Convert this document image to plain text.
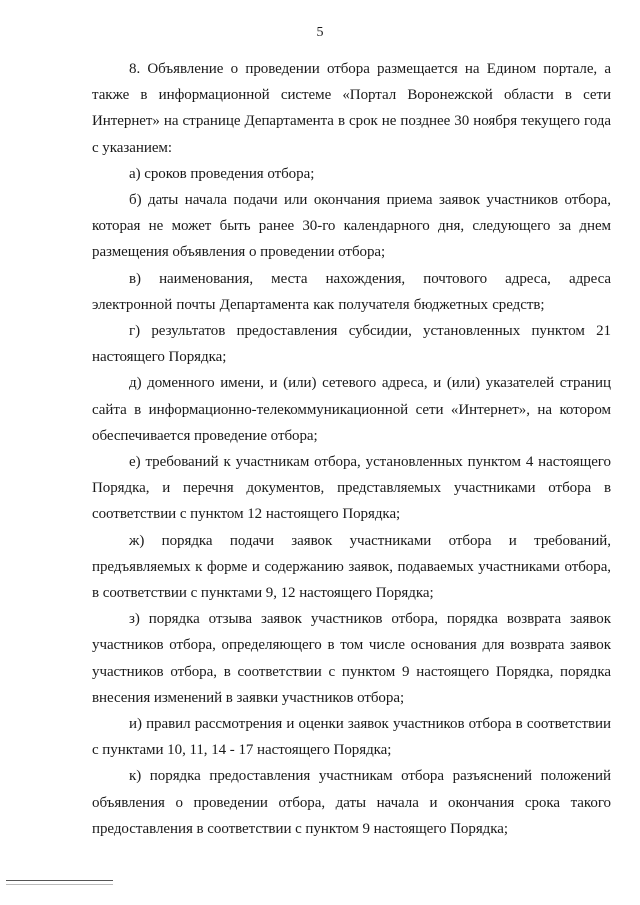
5

8. Объявление о проведении отбора размещается на Едином портале, а также в информационной системе «Портал Воронежской области в сети Интернет» на странице Департамента в срок не позднее 30 ноября текущего года с указанием:

а) сроков проведения отбора;

б) даты начала подачи или окончания приема заявок участников отбора, которая не может быть ранее 30-го календарного дня, следующего за днем размещения объявления о проведении отбора;

в) наименования, места нахождения, почтового адреса, адреса электронной почты Департамента как получателя бюджетных средств;

г) результатов предоставления субсидии, установленных пунктом 21 настоящего Порядка;

д) доменного имени, и (или) сетевого адреса, и (или) указателей страниц сайта в информационно-телекоммуникационной сети «Интернет», на котором обеспечивается проведение отбора;

е) требований к участникам отбора, установленных пунктом 4 настоящего Порядка, и перечня документов, представляемых участниками отбора в соответствии с пунктом 12 настоящего Порядка;

ж) порядка подачи заявок участниками отбора и требований, предъявляемых к форме и содержанию заявок, подаваемых участниками отбора, в соответствии с пунктами 9, 12 настоящего Порядка;

з) порядка отзыва заявок участников отбора, порядка возврата заявок участников отбора, определяющего в том числе основания для возврата заявок участников отбора, в соответствии с пунктом 9 настоящего Порядка, порядка внесения изменений в заявки участников отбора;

и) правил рассмотрения и оценки заявок участников отбора в соответствии с пунктами 10, 11, 14 - 17 настоящего Порядка;

к) порядка предоставления участникам отбора разъяснений положений объявления о проведении отбора, даты начала и окончания срока такого предоставления в соответствии с пунктом 9 настоящего Порядка;
